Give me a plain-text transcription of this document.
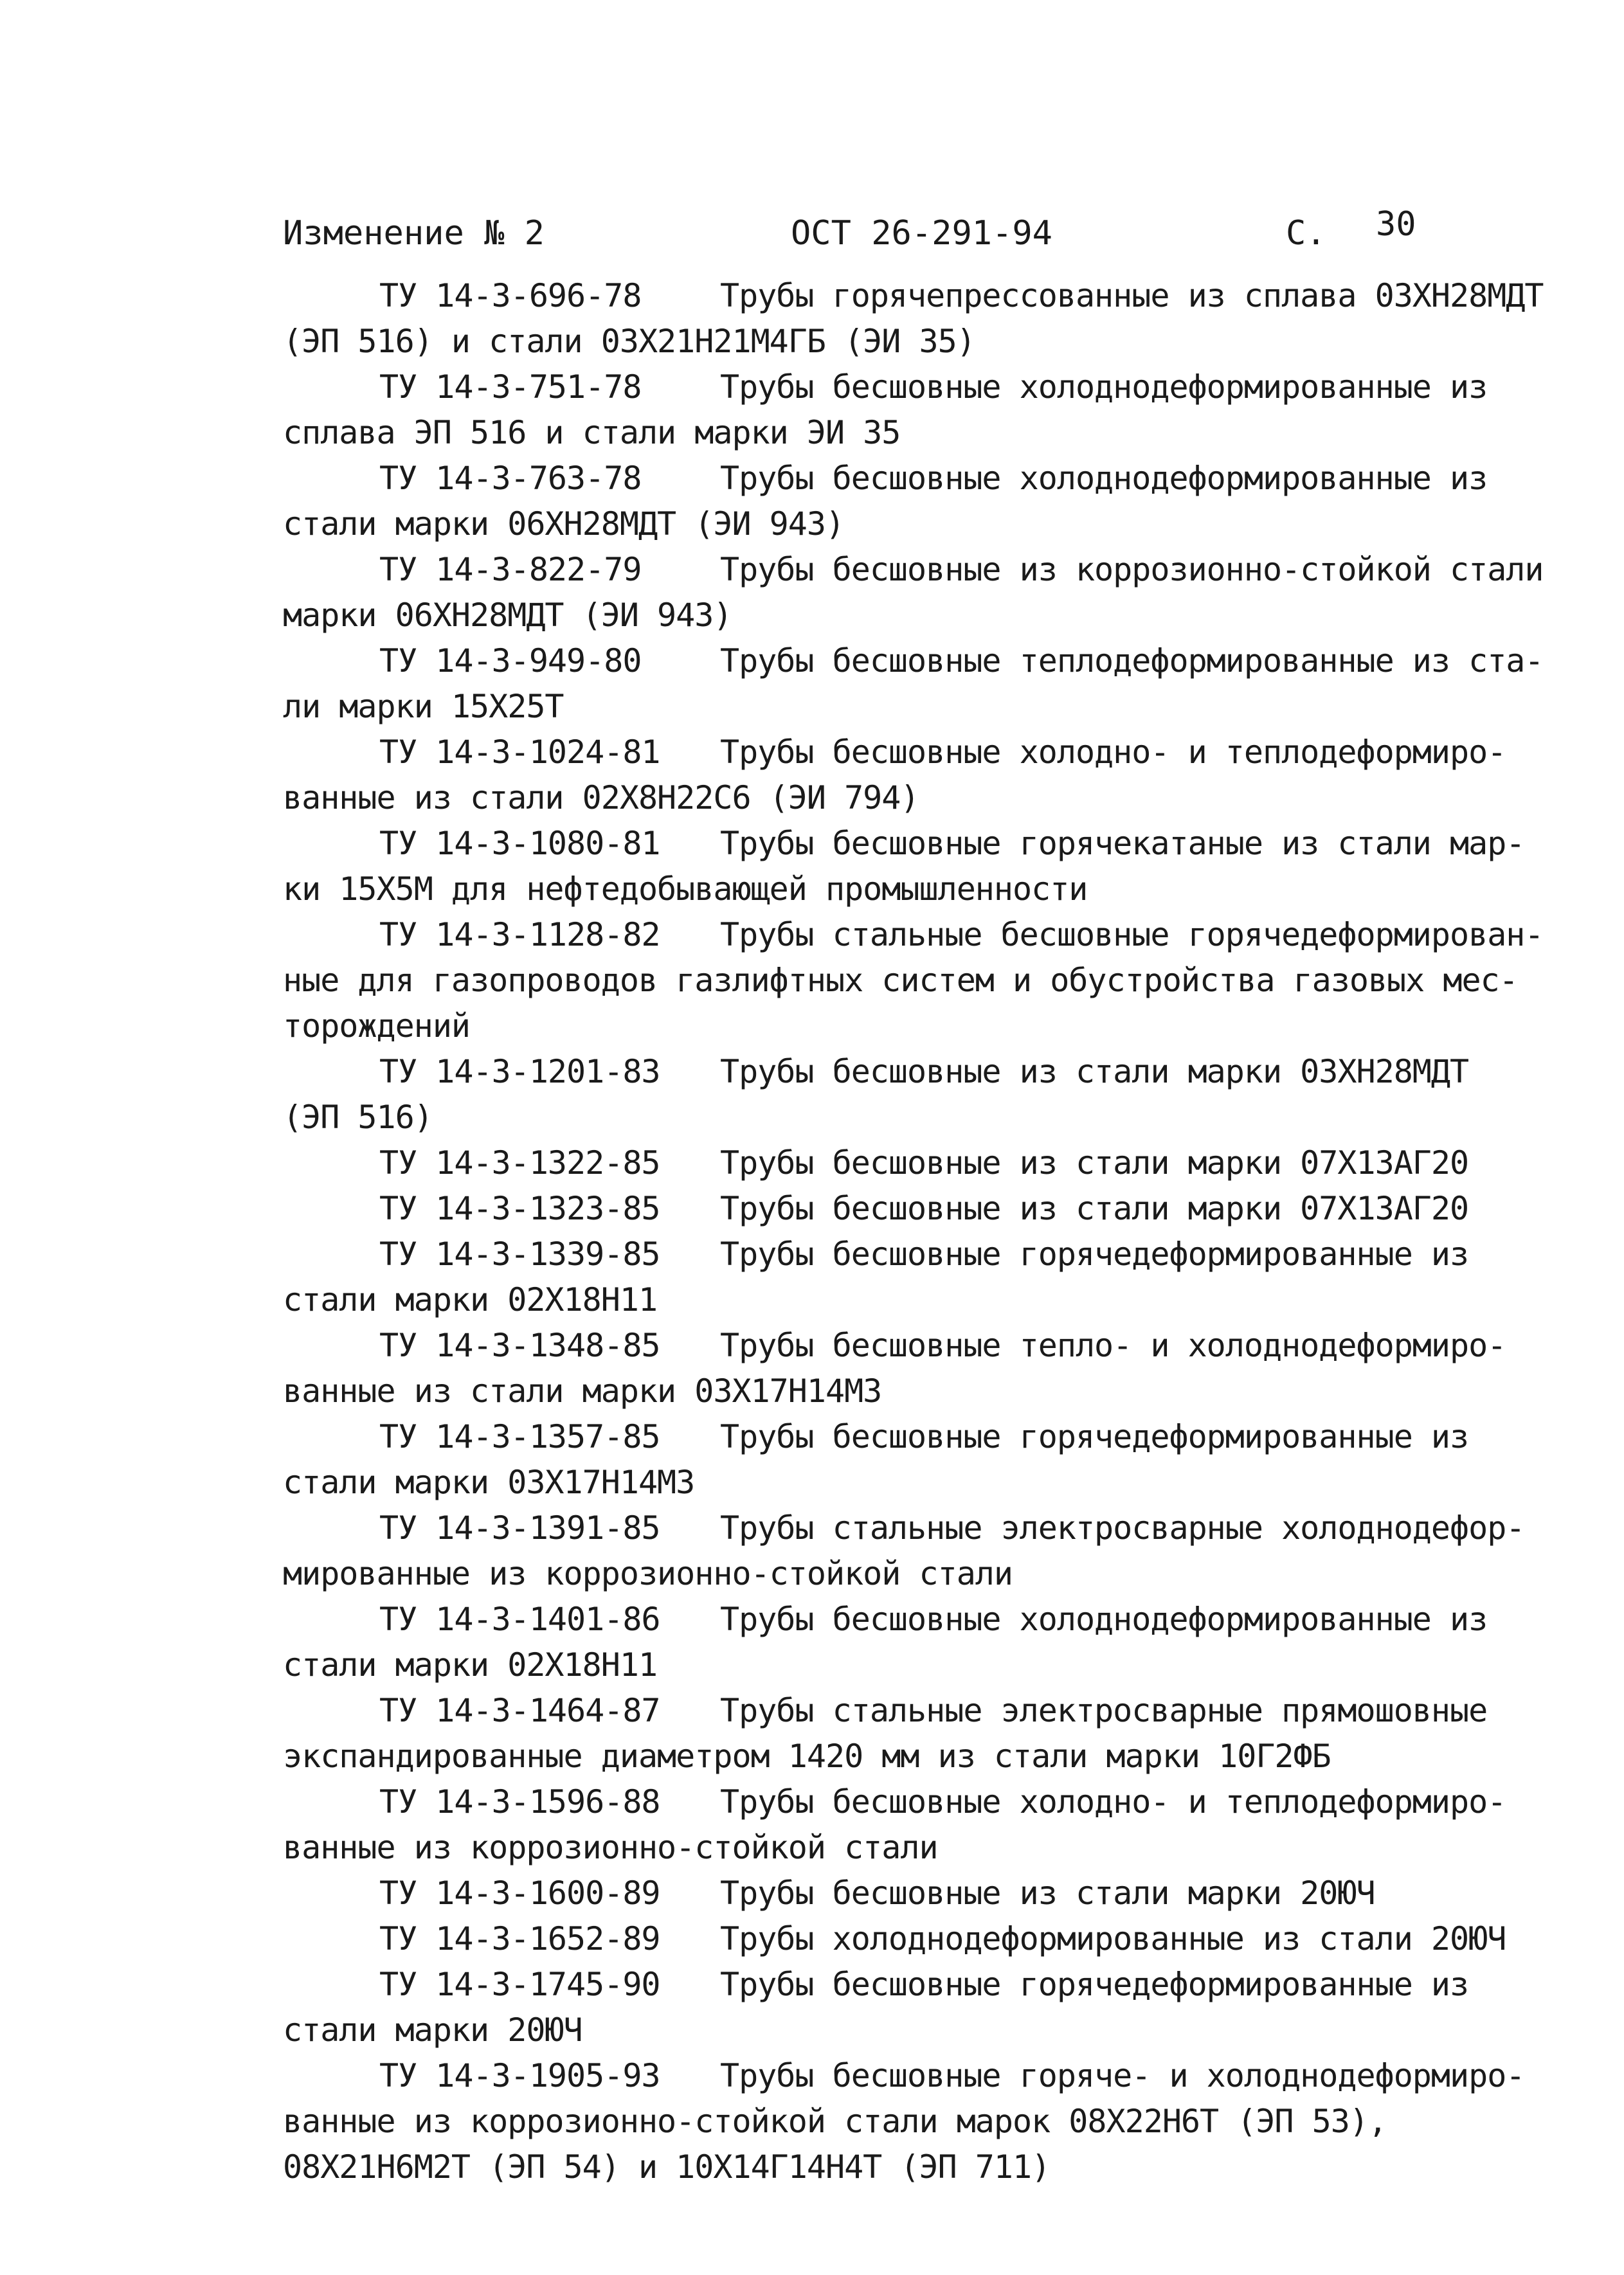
Изменение № 2	ОСТ 26-291-94	С. 30
ТУ 14-3-696-78 Трубы горячепрессованные из сплава 03ХН28МДТ
(ЭП 516) и стали 03Х21Н21М4ГБ (ЭИ 35)
ТУ 14-3-751-78 Трубы бесшовные холоднодеформированные из
сплава ЭП 516 и стали марки ЭИ 35
ТУ 14-3-763-78 Трубы бесшовные холоднодеформированные из
стали марки 06ХН28МДТ (ЭИ 943)
ТУ 14-3-822-79 Трубы бесшовные из коррозионно-стойкой стали
марки 06ХН28МДТ (ЭИ 943)
ТУ 14-3-949-80 Трубы бесшовные теплодеформированные из ста-
ли марки 15Х25Т
ТУ 14-3-1024-81 Трубы бесшовные холодно- и теплодеформиро-
ванные из стали 02Х8Н22С6 (ЭИ 794)
ТУ 14-3-1080-81 Трубы бесшовные горячекатаные из стали мар-
ки 15Х5М для нефтедобывающей промышленности
ТУ 14-3-1128-82 Трубы стальные бесшовные горячедеформирован-
ные для газопроводов газлифтных систем и обустройства газовых мес-
торождений
ТУ 14-3-1201-83 Трубы бесшовные из стали марки 03ХН28МДТ
(ЭП 516)
ТУ 14-3-1322-85 Трубы бесшовные из стали марки 07Х13АГ20
ТУ 14-3-1323-85 Трубы бесшовные из стали марки 07Х13АГ20
ТУ 14-3-1339-85 Трубы бесшовные горячедеформированные из
стали марки 02Х18Н11
ТУ 14-3-1348-85 Трубы бесшовные тепло- и холоднодеформиро-
ванные из стали марки 03Х17Н14М3
ТУ 14-3-1357-85 Трубы бесшовные горячедеформированные из
стали марки 03Х17Н14М3
ТУ 14-3-1391-85 Трубы стальные электросварные холоднодефор-
мированные из коррозионно-стойкой стали
ТУ 14-3-1401-86 Трубы бесшовные холоднодеформированные из
стали марки 02Х18Н11
ТУ 14-3-1464-87 Трубы стальные электросварные прямошовные
экспандированные диаметром 1420 мм из стали марки 10Г2ФБ
ТУ 14-3-1596-88 Трубы бесшовные холодно- и теплодеформиро-
ванные из коррозионно-стойкой стали
ТУ 14-3-1600-89 Трубы бесшовные из стали марки 20ЮЧ
ТУ 14-3-1652-89 Трубы холоднодеформированные из стали 20ЮЧ
ТУ 14-3-1745-90 Трубы бесшовные горячедеформированные из
стали марки 20ЮЧ
ТУ 14-3-1905-93 Трубы бесшовные горяче- и холоднодеформиро-
ванные из коррозионно-стойкой стали марок 08Х22Н6Т (ЭП 53),
08Х21Н6М2Т (ЭП 54) и 10Х14Г14Н4Т (ЭП 711)
